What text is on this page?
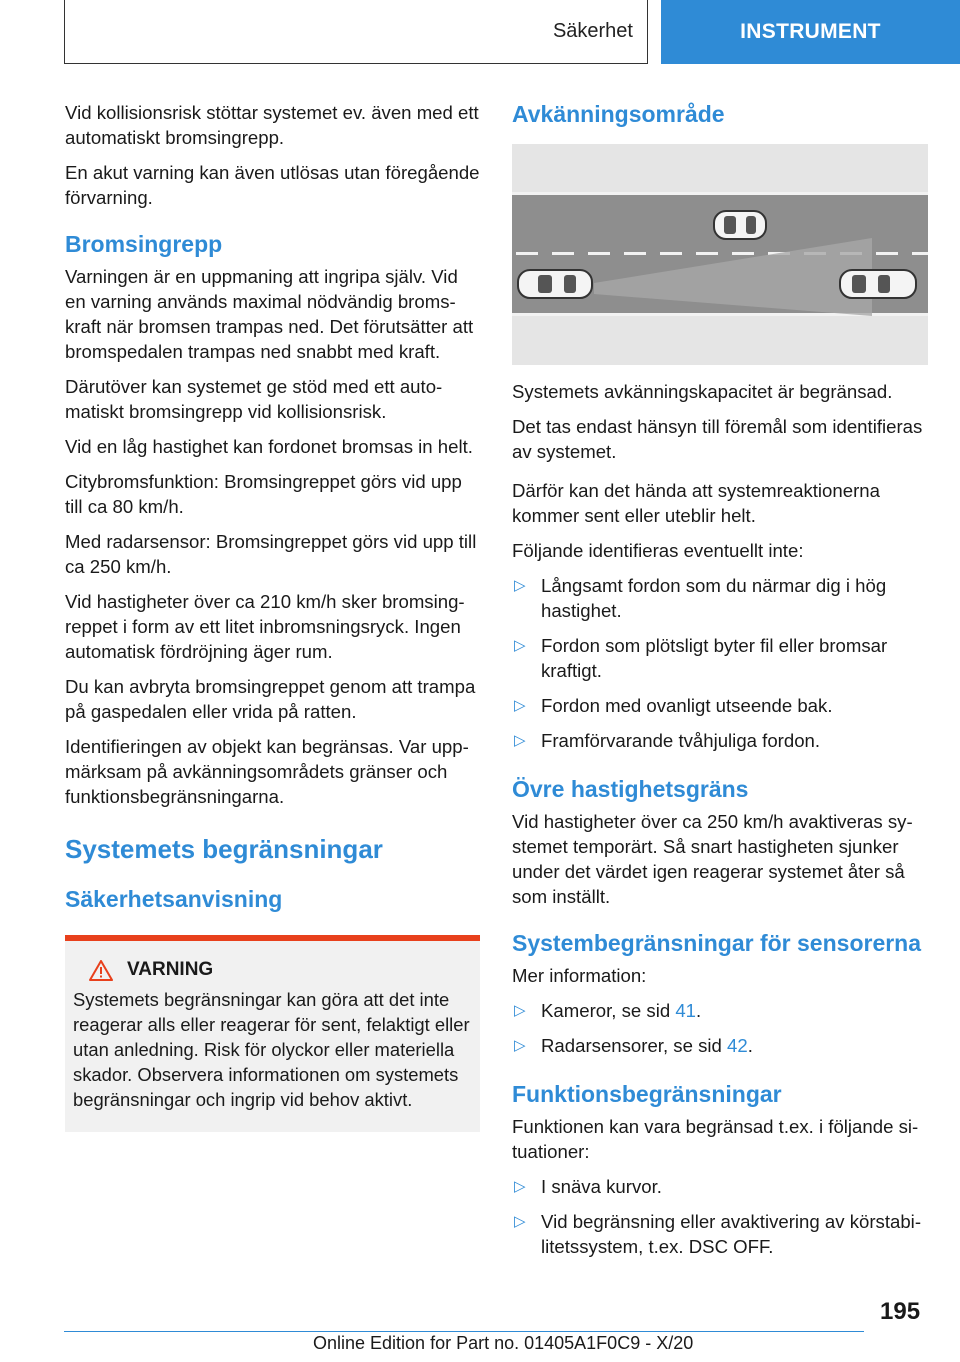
Säkerhet	INSTRUMENT

Vid kollisionsrisk stöttar systemet ev. även med ett automatiskt bromsingrepp.

En akut varning kan även utlösas utan föregående förvarning.

Bromsingrepp

Varningen är en uppmaning att ingripa själv. Vid en varning används maximal nödvändig bromskraft när bromsen trampas ned. Det förutsätter att bromspedalen trampas ned snabbt med kraft.

Därutöver kan systemet ge stöd med ett automatiskt bromsingrepp vid kollisionsrisk.

Vid en låg hastighet kan fordonet bromsas in helt.

Citybromsfunktion: Bromsingreppet görs vid upp till ca 80 km/h.

Med radarsensor: Bromsingreppet görs vid upp till ca 250 km/h.

Vid hastigheter över ca 210 km/h sker bromsingreppet i form av ett litet inbromsningsryck. Ingen automatisk fördröjning äger rum.

Du kan avbryta bromsingreppet genom att trampa på gaspedalen eller vrida på ratten.

Identifieringen av objekt kan begränsas. Var uppmärksam på avkänningsområdets gränser och funktionsbegränsningarna.

Systemets begränsningar
Säkerhetsanvisning
VARNING

Systemets begränsningar kan göra att det inte reagerar alls eller reagerar för sent, felaktigt eller utan anledning. Risk för olyckor eller materiella skador. Observera informationen om systemets begränsningar och ingrip vid behov aktivt.

Avkänningsområde

Systemets avkänningskapacitet är begränsad.

Det tas endast hänsyn till föremål som identifieras av systemet.

Därför kan det hända att systemreaktionerna kommer sent eller uteblir helt.

Följande identifieras eventuellt inte:

▷ Långsamt fordon som du närmar dig i hög hastighet.
▷ Fordon som plötsligt byter fil eller bromsar kraftigt.
▷ Fordon med ovanligt utseende bak.
▷ Framförvarande tvåhjuliga fordon.
Övre hastighetsgräns

Vid hastigheter över ca 250 km/h avaktiveras systemet temporärt. Så snart hastigheten sjunker under det värdet igen reagerar systemet åter så som inställt.

Systembegränsningar för sensorerna

Mer information:

▷ Kameror, se sid 41.
▷ Radarsensorer, se sid 42.
Funktionsbegränsningar

Funktionen kan vara begränsad t.ex. i följande situationer:

▷ I snäva kurvor.
▷ Vid begränsning eller avaktivering av körstabilitetssystem, t.ex. DSC OFF.
195
Online Edition for Part no. 01405A1F0C9 - X/20
